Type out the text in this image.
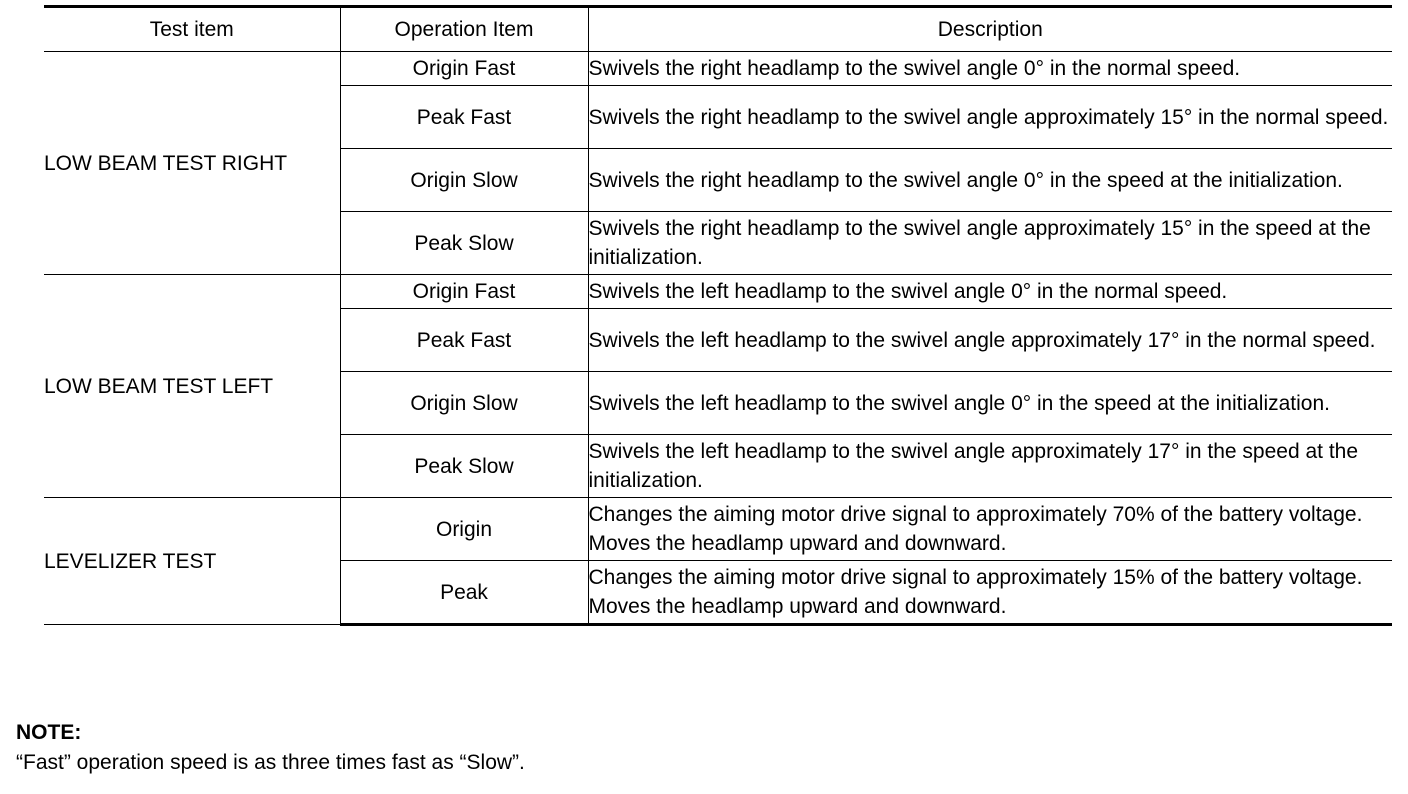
Test item	Operation Item	Description
LOW BEAM TEST RIGHT	Origin Fast	Swivels the right headlamp to the swivel angle 0° in the normal speed.
	Peak Fast	Swivels the right headlamp to the swivel angle approximately 15° in the normal speed.
	Origin Slow	Swivels the right headlamp to the swivel angle 0° in the speed at the initialization.
	Peak Slow	Swivels the right headlamp to the swivel angle approximately 15° in the speed at the initialization.
LOW BEAM TEST LEFT	Origin Fast	Swivels the left headlamp to the swivel angle 0° in the normal speed.
	Peak Fast	Swivels the left headlamp to the swivel angle approximately 17° in the normal speed.
	Origin Slow	Swivels the left headlamp to the swivel angle 0° in the speed at the initialization.
	Peak Slow	Swivels the left headlamp to the swivel angle approximately 17° in the speed at the initialization.
LEVELIZER TEST	Origin	Changes the aiming motor drive signal to approximately 70% of the battery voltage. Moves the headlamp upward and downward.
	Peak	Changes the aiming motor drive signal to approximately 15% of the battery voltage. Moves the headlamp upward and downward.
NOTE:
“Fast” operation speed is as three times fast as “Slow”.
